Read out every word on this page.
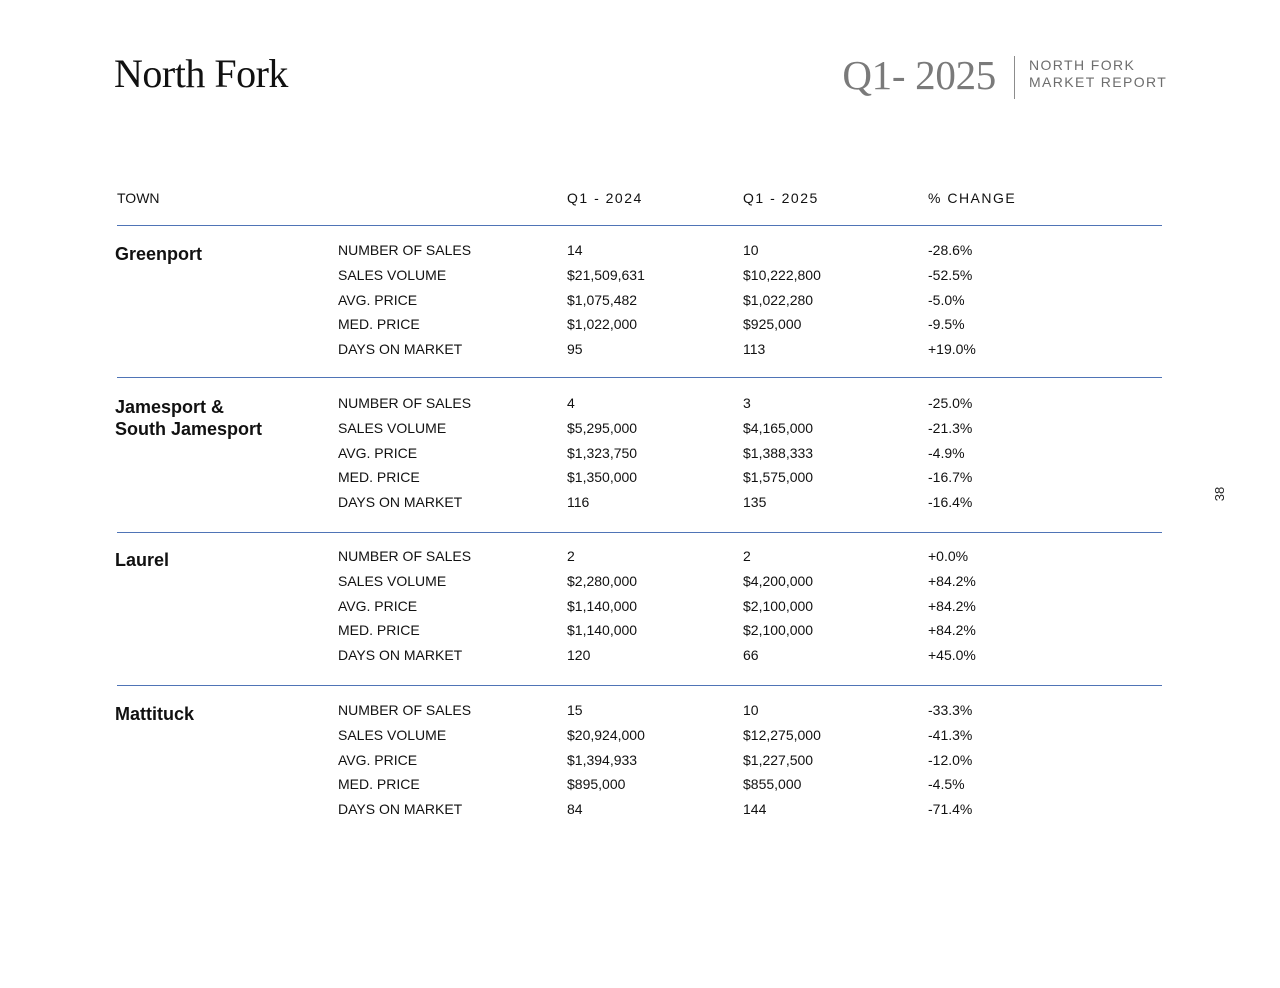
North Fork	Q1- 2025 NORTH FORK
MARKET REPORT
TOWN	Q1 - 2024	Q1 - 2025	% CHANGE
Greenport	NUMBER OF SALES	14	10	-28.6%
SALES VOLUME	$21,509,631	$10,222,800	-52.5%
AVG. PRICE	$1,075,482	$1,022,280	-5.0%
MED. PRICE	$1,022,000	$925,000	-9.5%
DAYS ON MARKET	95	113	+19.0%
Jamesport &
South Jamesport
NUMBER OF SALES	4	3	-25.0%
SALES VOLUME	$5,295,000	$4,165,000	-21.3%
AVG. PRICE	$1,323,750	$1,388,333	-4.9%
MED. PRICE	$1,350,000	$1,575,000	-16.7%
DAYS ON MARKET	116	135	-16.4%
Laurel	NUMBER OF SALES	2	2	+0.0%
SALES VOLUME	$2,280,000	$4,200,000	+84.2%
AVG. PRICE	$1,140,000	$2,100,000	+84.2%
MED. PRICE	$1,140,000	$2,100,000	+84.2%
DAYS ON MARKET	120	66	+45.0%
Mattituck	NUMBER OF SALES	15	10	-33.3%
SALES VOLUME	$20,924,000	$12,275,000	-41.3%
AVG. PRICE	$1,394,933	$1,227,500	-12.0%
MED. PRICE	$895,000	$855,000	-4.5%
DAYS ON MARKET	84	144	-71.4%
38
